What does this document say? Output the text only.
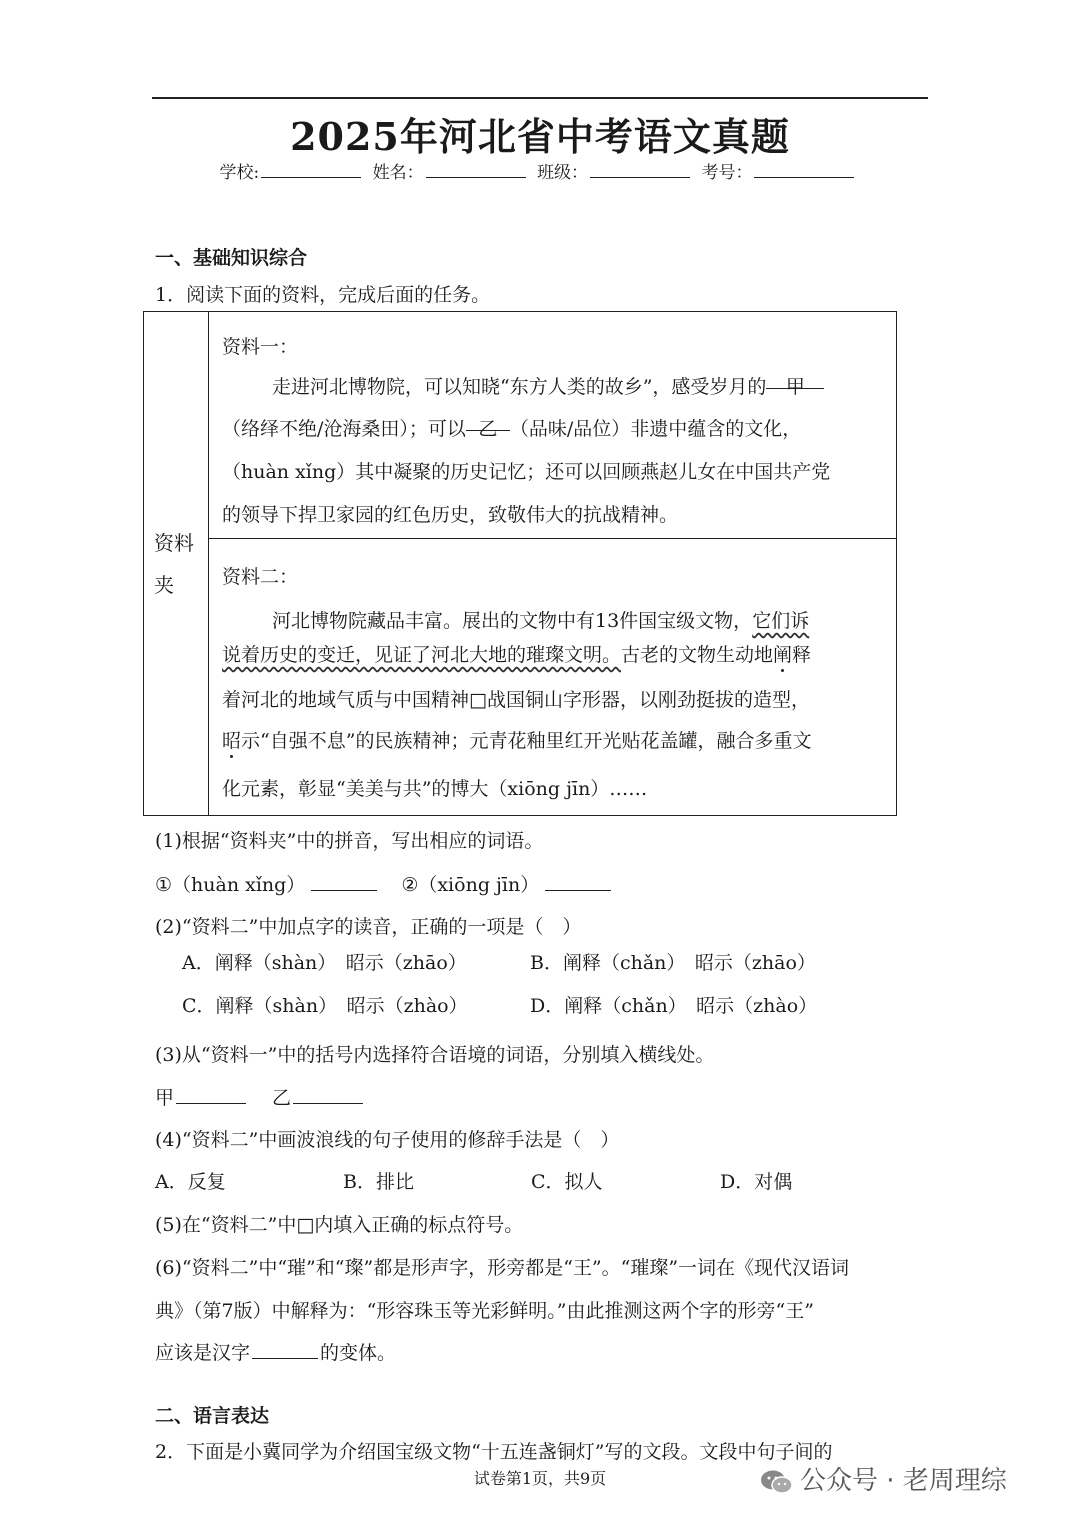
2025年河北省中考语文真题
学校:	姓名：	班级：	考号：
一、基础知识综合
1．阅读下面的资料，完成后面的任务。
资料
夹
资料一：
走进河北博物院，可以知晓“东方人类的故乡”，感受岁月的 甲
（络绎不绝/沧海桑田）；可以 乙 （品味/品位）非遗中蕴含的文化，
（huàn xǐng）其中凝聚的历史记忆；还可以回顾燕赵儿女在中国共产党
的领导下捍卫家园的红色历史，致敬伟大的抗战精神。
资料二：
河北博物院藏品丰富。展出的文物中有13件国宝级文物，它们诉
说着历史的变迁，见证了河北大地的璀璨文明。古老的文物生动地阐释
着河北的地域气质与中国精神□战国铜山字形器，以刚劲挺拔的造型，
昭示“自强不息”的民族精神；元青花釉里红开光贴花盖罐，融合多重文
化元素，彰显“美美与共”的博大（xiōng jīn）……
(1)根据“资料夹”中的拼音，写出相应的词语。
①（huàn xǐng）	②（xiōng jīn）
(2)“资料二”中加点字的读音，正确的一项是（　）
A．阐释（shàn）　昭示（zhāo）	B．阐释（chǎn）　昭示（zhāo）
C．阐释（shàn）　昭示（zhào）	D．阐释（chǎn）　昭示（zhào）
(3)从“资料一”中的括号内选择符合语境的词语，分别填入横线处。
甲	乙
(4)“资料二”中画波浪线的句子使用的修辞手法是（　）
A．反复	B．排比	C．拟人	D．对偶
(5)在“资料二”中□内填入正确的标点符号。
(6)“资料二”中“璀”和“璨”都是形声字，形旁都是“王”。“璀璨”一词在《现代汉语词
典》（第7版）中解释为：“形容珠玉等光彩鲜明。”由此推测这两个字的形旁“王”
应该是汉字	的变体。
二、语言表达
2．下面是小冀同学为介绍国宝级文物“十五连盏铜灯”写的文段。文段中句子间的
试卷第1页，共9页	公众号 · 老周理综
